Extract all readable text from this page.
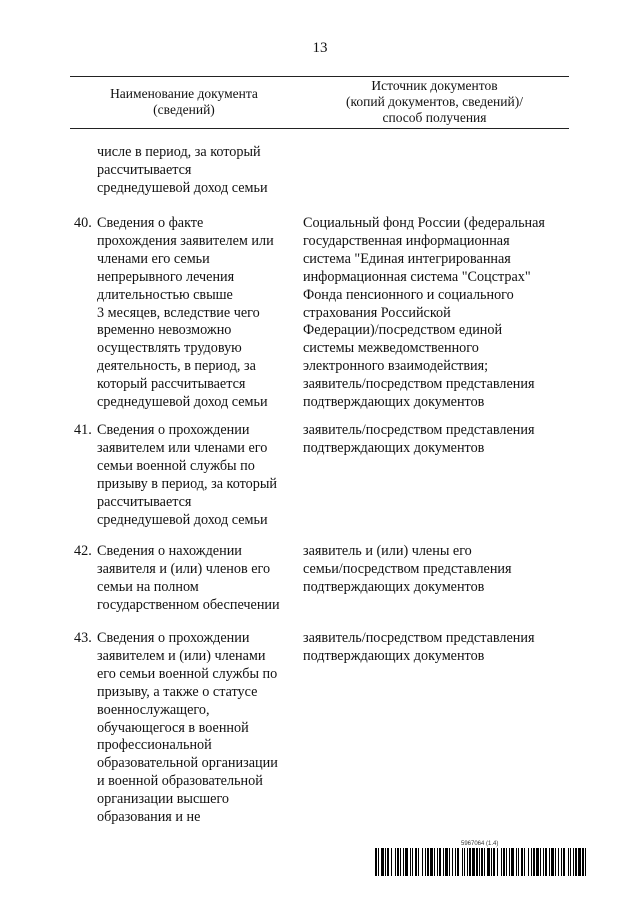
13
Наименование документа
(сведений)
Источник документов
(копий документов, сведений)/
способ получения
числе в период, за который
рассчитывается
среднедушевой доход семьи
40. Сведения о факте
прохождения заявителем или
членами его семьи
непрерывного лечения
длительностью свыше
3 месяцев, вследствие чего
временно невозможно
осуществлять трудовую
деятельность, в период, за
который рассчитывается
среднедушевой доход семьи
Социальный фонд России (федеральная
государственная информационная
система "Единая интегрированная
информационная система "Соцстрах"
Фонда пенсионного и социального
страхования Российской
Федерации)/посредством единой
системы межведомственного
электронного взаимодействия;
заявитель/посредством представления
подтверждающих документов
41. Сведения о прохождении
заявителем или членами его
семьи военной службы по
призыву в период, за который
рассчитывается
среднедушевой доход семьи
заявитель/посредством представления
подтверждающих документов
42. Сведения о нахождении
заявителя и (или) членов его
семьи на полном
государственном обеспечении
заявитель и (или) члены его
семьи/посредством представления
подтверждающих документов
43. Сведения о прохождении
заявителем и (или) членами
его семьи военной службы по
призыву, а также о статусе
военнослужащего,
обучающегося в военной
профессиональной
образовательной организации
и военной образовательной
организации высшего
образования и не
заявитель/посредством представления
подтверждающих документов
5967064 (1.4)
